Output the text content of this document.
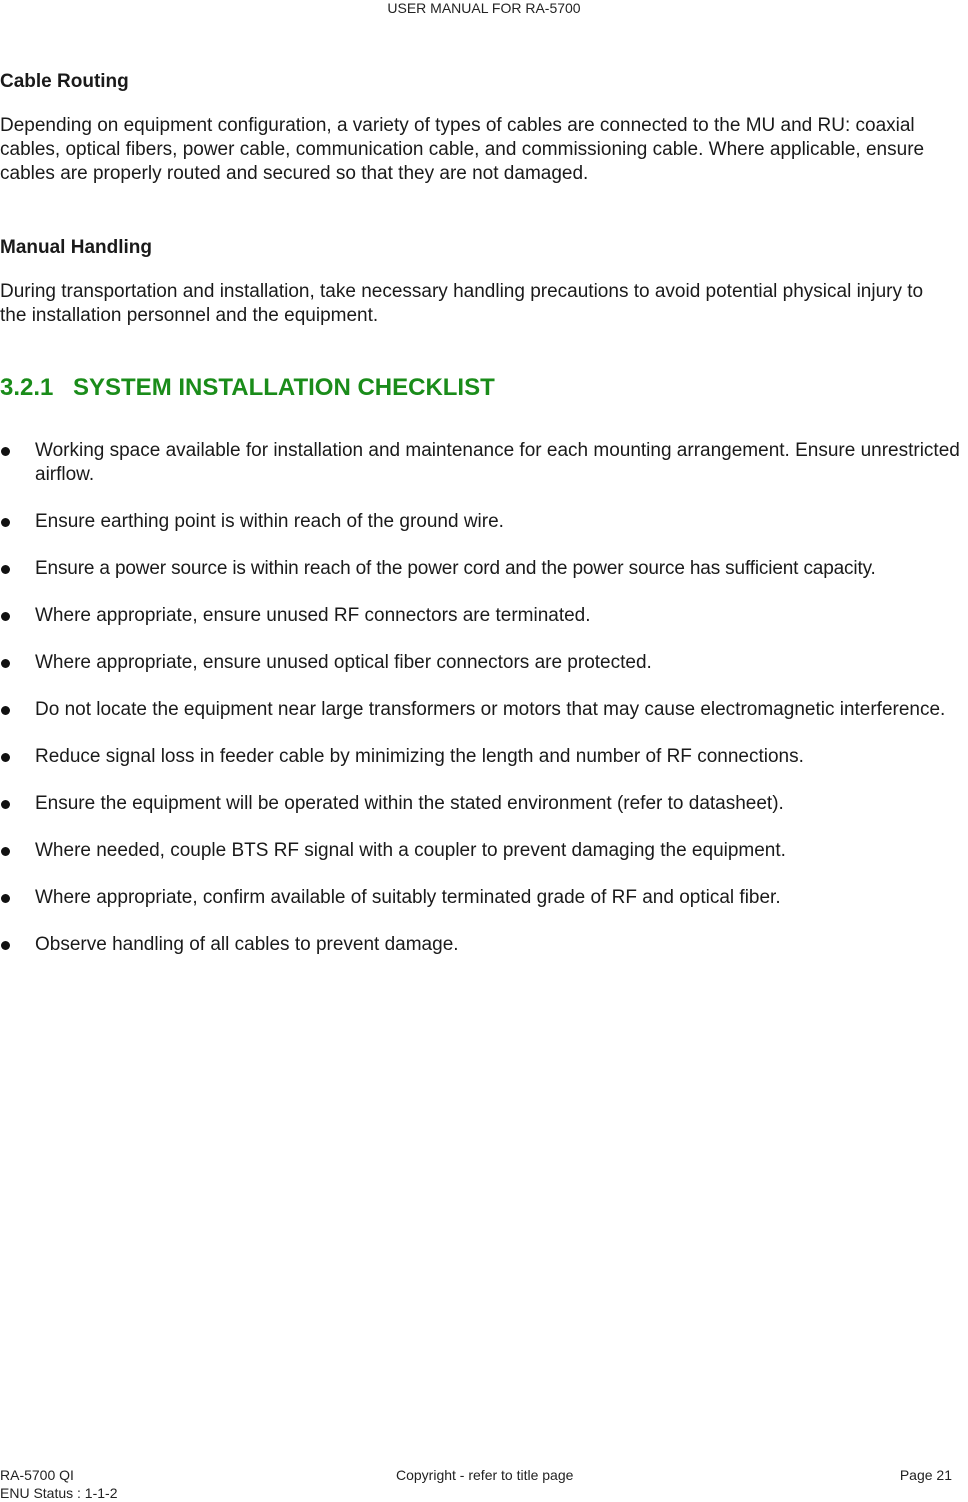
USER MANUAL FOR RA-5700
Cable Routing

Depending on equipment configuration, a variety of types of cables are connected to the MU and RU: coaxial cables, optical fibers, power cable, communication cable, and commissioning cable. Where applicable, ensure cables are properly routed and secured so that they are not damaged.

Manual Handling

During transportation and installation, take necessary handling precautions to avoid potential physical injury to the installation personnel and the equipment.

3.2.1 SYSTEM INSTALLATION CHECKLIST
Working space available for installation and maintenance for each mounting arrangement. Ensure unrestricted airflow.
Ensure earthing point is within reach of the ground wire.
Ensure a power source is within reach of the power cord and the power source has sufficient capacity.
Where appropriate, ensure unused RF connectors are terminated.
Where appropriate, ensure unused optical fiber connectors are protected.
Do not locate the equipment near large transformers or motors that may cause electromagnetic interference.
Reduce signal loss in feeder cable by minimizing the length and number of RF connections.
Ensure the equipment will be operated within the stated environment (refer to datasheet).
Where needed, couple BTS RF signal with a coupler to prevent damaging the equipment.
Where appropriate, confirm available of suitably terminated grade of RF and optical fiber.
Observe handling of all cables to prevent damage.
RA-5700 QI	Copyright - refer to title page	Page 21
ENU Status : 1-1-2
